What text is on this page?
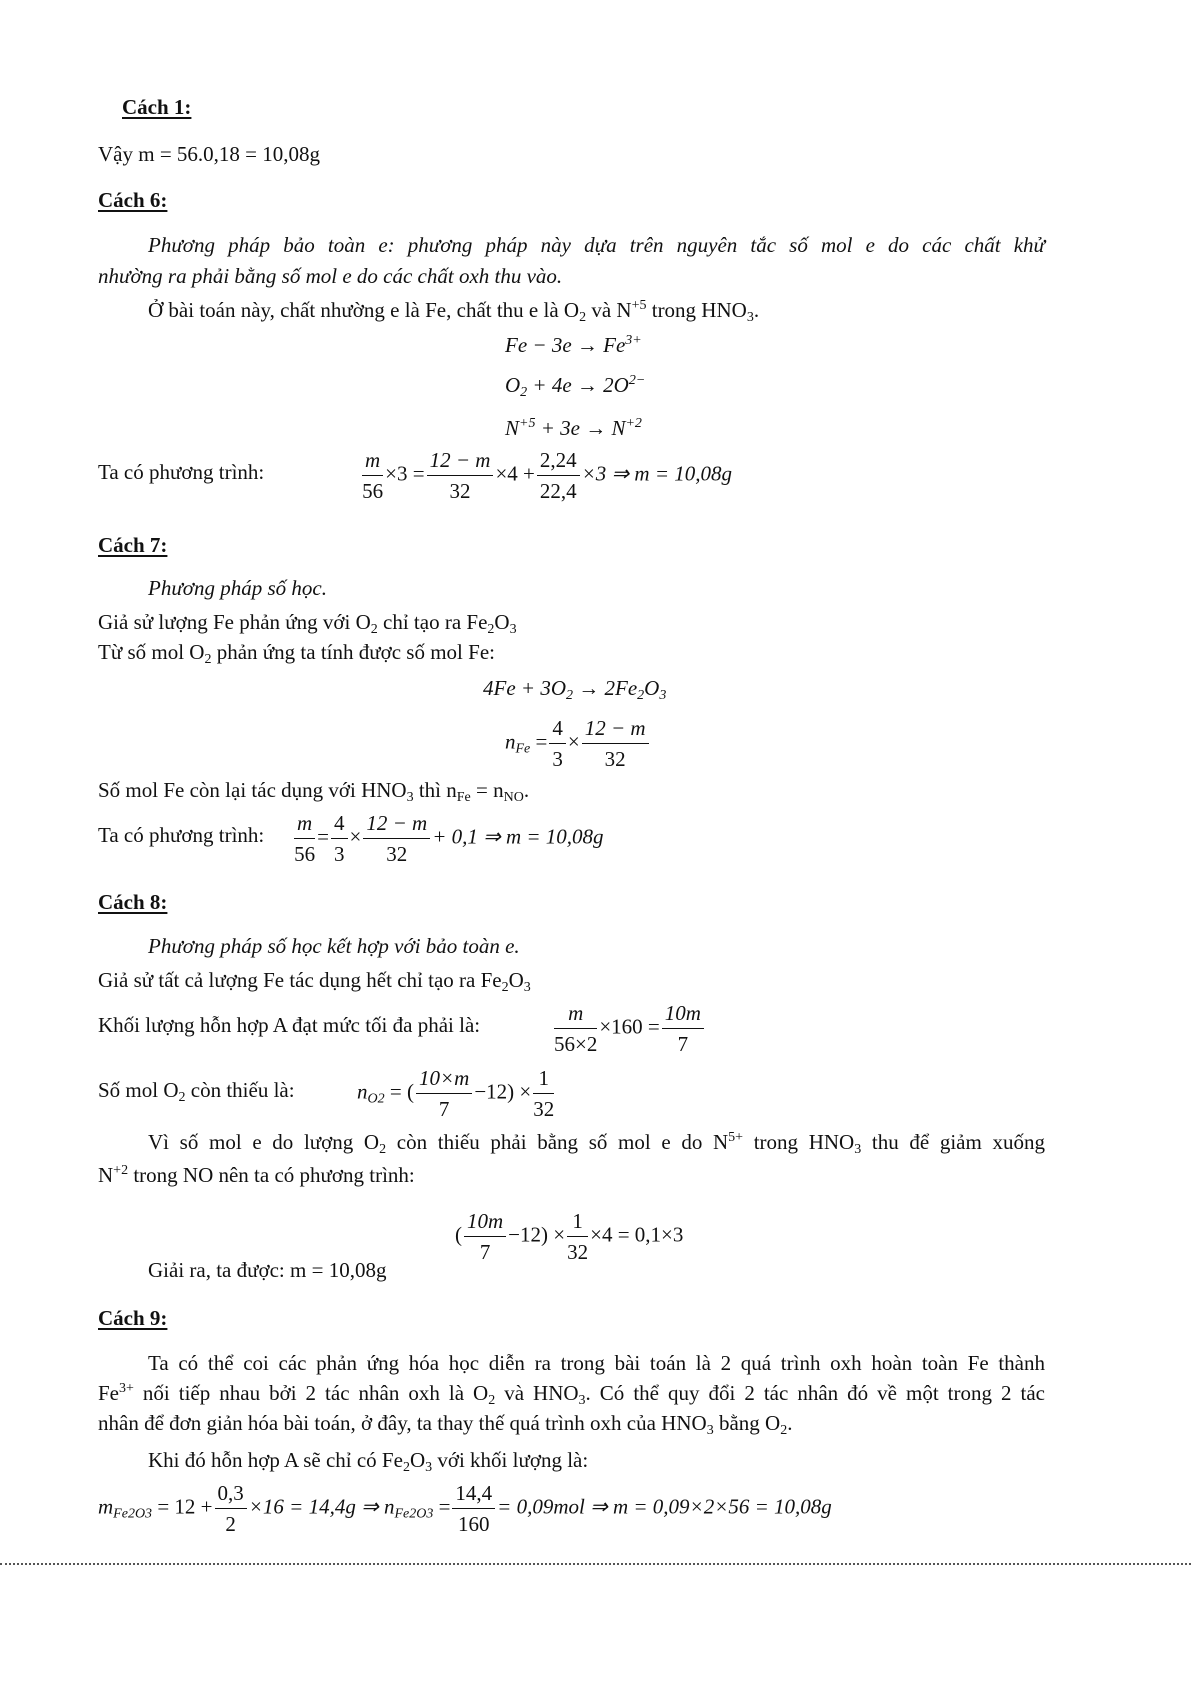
Cách 1:
Vậy m = 56.0,18 = 10,08g
Cách 6:
Phương pháp bảo toàn e: phương pháp này dựa trên nguyên tắc số mol e do các chất khử
nhường ra phải bằng số mol e do các chất oxh thu vào.
Ở bài toán này, chất nhường e là Fe, chất thu e là $O_2$ và $N^{+5}$ trong $HNO_3$.
$Fe - 3e \to Fe^{3+}$
$O_2 + 4e \to 2O^{2-}$
$N^{+5} + 3e \to N^{+2}$
Ta có phương trình:	$\frac{m}{56} \times 3 = \frac{12 - m}{32} \times 4 + \frac{2,24}{22,4} \times 3$ ⇒ m = 10,08g
Cách 7:
Phương pháp số học.
Giả sử lượng Fe phản ứng với $O_2$ chỉ tạo ra $Fe_2O_3$
Từ số mol $O_2$ phản ứng ta tính được số mol Fe:
$4Fe + 3O_2 \to 2Fe_2O_3$
$n_{Fe} = \frac{4}{3} \times \frac{12 - m}{32}$
Số mol Fe còn lại tác dụng với $HNO_3$ thì $n_{Fe} = n_{NO}$.
Ta có phương trình: $\frac{m}{56} = \frac{4}{3} \times \frac{12 - m}{32} + 0,1$ ⇒ m = 10,08g
Cách 8:
Phương pháp số học kết hợp với bảo toàn e.
Giả sử tất cả lượng Fe tác dụng hết chỉ tạo ra $Fe_2O_3$
Khối lượng hỗn hợp A đạt mức tối đa phải là:	$\frac{m}{56\times 2} \times 160 = \frac{10m}{7}$
Số mol $O_2$ còn thiếu là:	$n_{O2}$ = ( $\frac{10\times m}{7} -12) \times \frac{1}{32}$
Vì số mol e do lượng $O_2$ còn thiếu phải bằng số mol e do $N^{5+}$ trong $HNO_3$ thu để giảm xuống
$N^{+2}$ trong NO nên ta có phương trình:
( $\frac{10m}{7} -12) \times \frac{1}{32} \times 4 = 0,1\times 3$
Giải ra, ta được: m = 10,08g
Cách 9:
Ta có thể coi các phản ứng hóa học diễn ra trong bài toán là 2 quá trình oxh hoàn toàn Fe thành
$Fe^{3+}$ nối tiếp nhau bởi 2 tác nhân oxh là $O_2$ và $HNO_3$. Có thể quy đổi 2 tác nhân đó về một trong 2 tác
nhân để đơn giản hóa bài toán, ở đây, ta thay thế quá trình oxh của $HNO_3$ bằng $O_2$.
Khi đó hỗn hợp A sẽ chỉ có $Fe_2O_3$ với khối lượng là:
$m_{Fe2O3} = 12 + \frac{0,3}{2} \times 16 = 14,4g$ ⇒ $n_{Fe2O3} = \frac{14,4}{160} = 0,09mol$ ⇒ m = 0,09×2×56 = 10,08g
